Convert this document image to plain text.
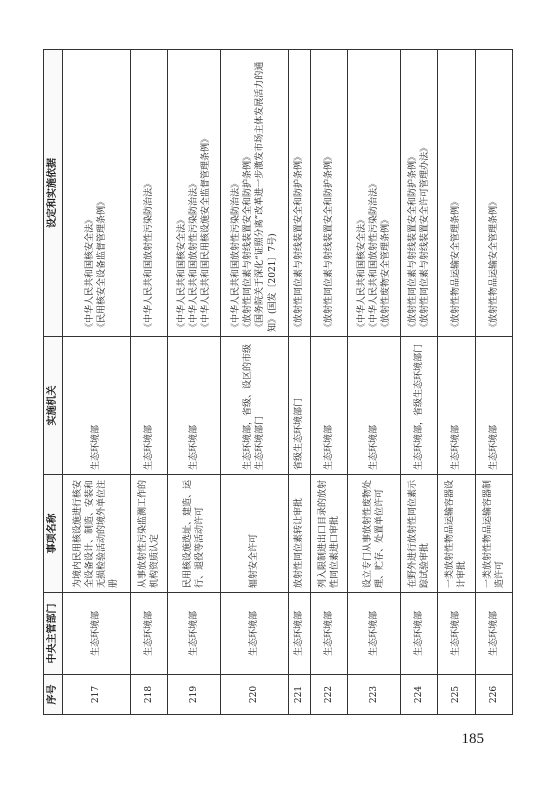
序号	中央主管部门	事项名称	实施机关	设定和实施依据
217	生态环境部	为境内民用核设施进行核安全设备设计、制造、安装和无损检验活动的境外单位注册	生态环境部	《中华人民共和国核安全法》
《民用核安全设备监督管理条例》
218	生态环境部	从事放射性污染监测工作的机构资质认定	生态环境部	《中华人民共和国放射性污染防治法》
219	生态环境部	民用核设施选址、建造、运行、退役等活动许可	生态环境部	《中华人民共和国核安全法》
《中华人民共和国放射性污染防治法》
《中华人民共和国民用核设施安全监督管理条例》
220	生态环境部	辐射安全许可	生态环境部，省级、设区的市级生态环境部门	《中华人民共和国放射性污染防治法》
《放射性同位素与射线装置安全和防护条例》
《国务院关于深化“证照分离”改革进一步激发市场主体发展活力的通知》(国发〔2021〕7号)
221	生态环境部	放射性同位素转让审批	省级生态环境部门	《放射性同位素与射线装置安全和防护条例》
222	生态环境部	列入限制进出口目录的放射性同位素进口审批	生态环境部	《放射性同位素与射线装置安全和防护条例》
223	生态环境部	设立专门从事放射性废物处理、贮存、处置单位许可	生态环境部	《中华人民共和国核安全法》
《中华人民共和国放射性污染防治法》
《放射性废物安全管理条例》
224	生态环境部	在野外进行放射性同位素示踪试验审批	生态环境部，省级生态环境部门	《放射性同位素与射线装置安全和防护条例》
《放射性同位素与射线装置安全许可管理办法》
225	生态环境部	一类放射性物品运输容器设计审批	生态环境部	《放射性物品运输安全管理条例》
226	生态环境部	一类放射性物品运输容器制造许可	生态环境部	《放射性物品运输安全管理条例》
185
